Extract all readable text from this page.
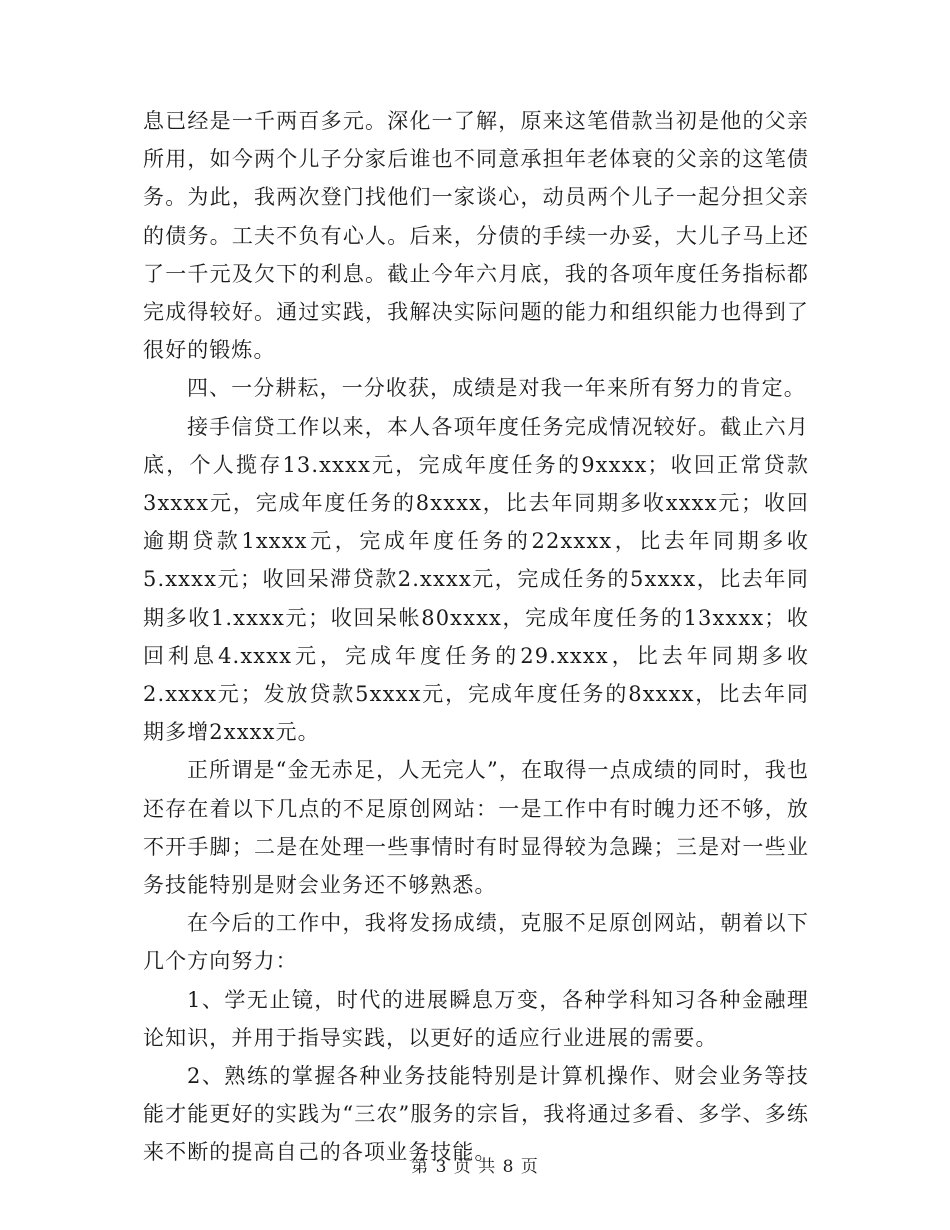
息已经是一千两百多元。深化一了解，原来这笔借款当初是他的父亲所用，如今两个儿子分家后谁也不同意承担年老体衰的父亲的这笔债务。为此，我两次登门找他们一家谈心，动员两个儿子一起分担父亲的债务。工夫不负有心人。后来，分债的手续一办妥，大儿子马上还了一千元及欠下的利息。截止今年六月底，我的各项年度任务指标都完成得较好。通过实践，我解决实际问题的能力和组织能力也得到了很好的锻炼。

四、一分耕耘，一分收获，成绩是对我一年来所有努力的肯定。

接手信贷工作以来，本人各项年度任务完成情况较好。截止六月底，个人揽存13.xxxx元，完成年度任务的9xxxx；收回正常贷款3xxxx元，完成年度任务的8xxxx，比去年同期多收xxxx元；收回逾期贷款1xxxx元，完成年度任务的22xxxx，比去年同期多收5.xxxx元；收回呆滞贷款2.xxxx元，完成任务的5xxxx，比去年同期多收1.xxxx元；收回呆帐80xxxx，完成年度任务的13xxxx；收回利息4.xxxx元，完成年度任务的29.xxxx，比去年同期多收2.xxxx元；发放贷款5xxxx元，完成年度任务的8xxxx，比去年同期多增2xxxx元。

正所谓是“金无赤足，人无完人”，在取得一点成绩的同时，我也还存在着以下几点的不足原创网站：一是工作中有时魄力还不够，放不开手脚；二是在处理一些事情时有时显得较为急躁；三是对一些业务技能特别是财会业务还不够熟悉。

在今后的工作中，我将发扬成绩，克服不足原创网站，朝着以下几个方向努力：

1、学无止镜，时代的进展瞬息万变，各种学科知习各种金融理论知识，并用于指导实践，以更好的适应行业进展的需要。

2、熟练的掌握各种业务技能特别是计算机操作、财会业务等技能才能更好的实践为“三农”服务的宗旨，我将通过多看、多学、多练来不断的提高自己的各项业务技能。

第 3 页 共 8 页
